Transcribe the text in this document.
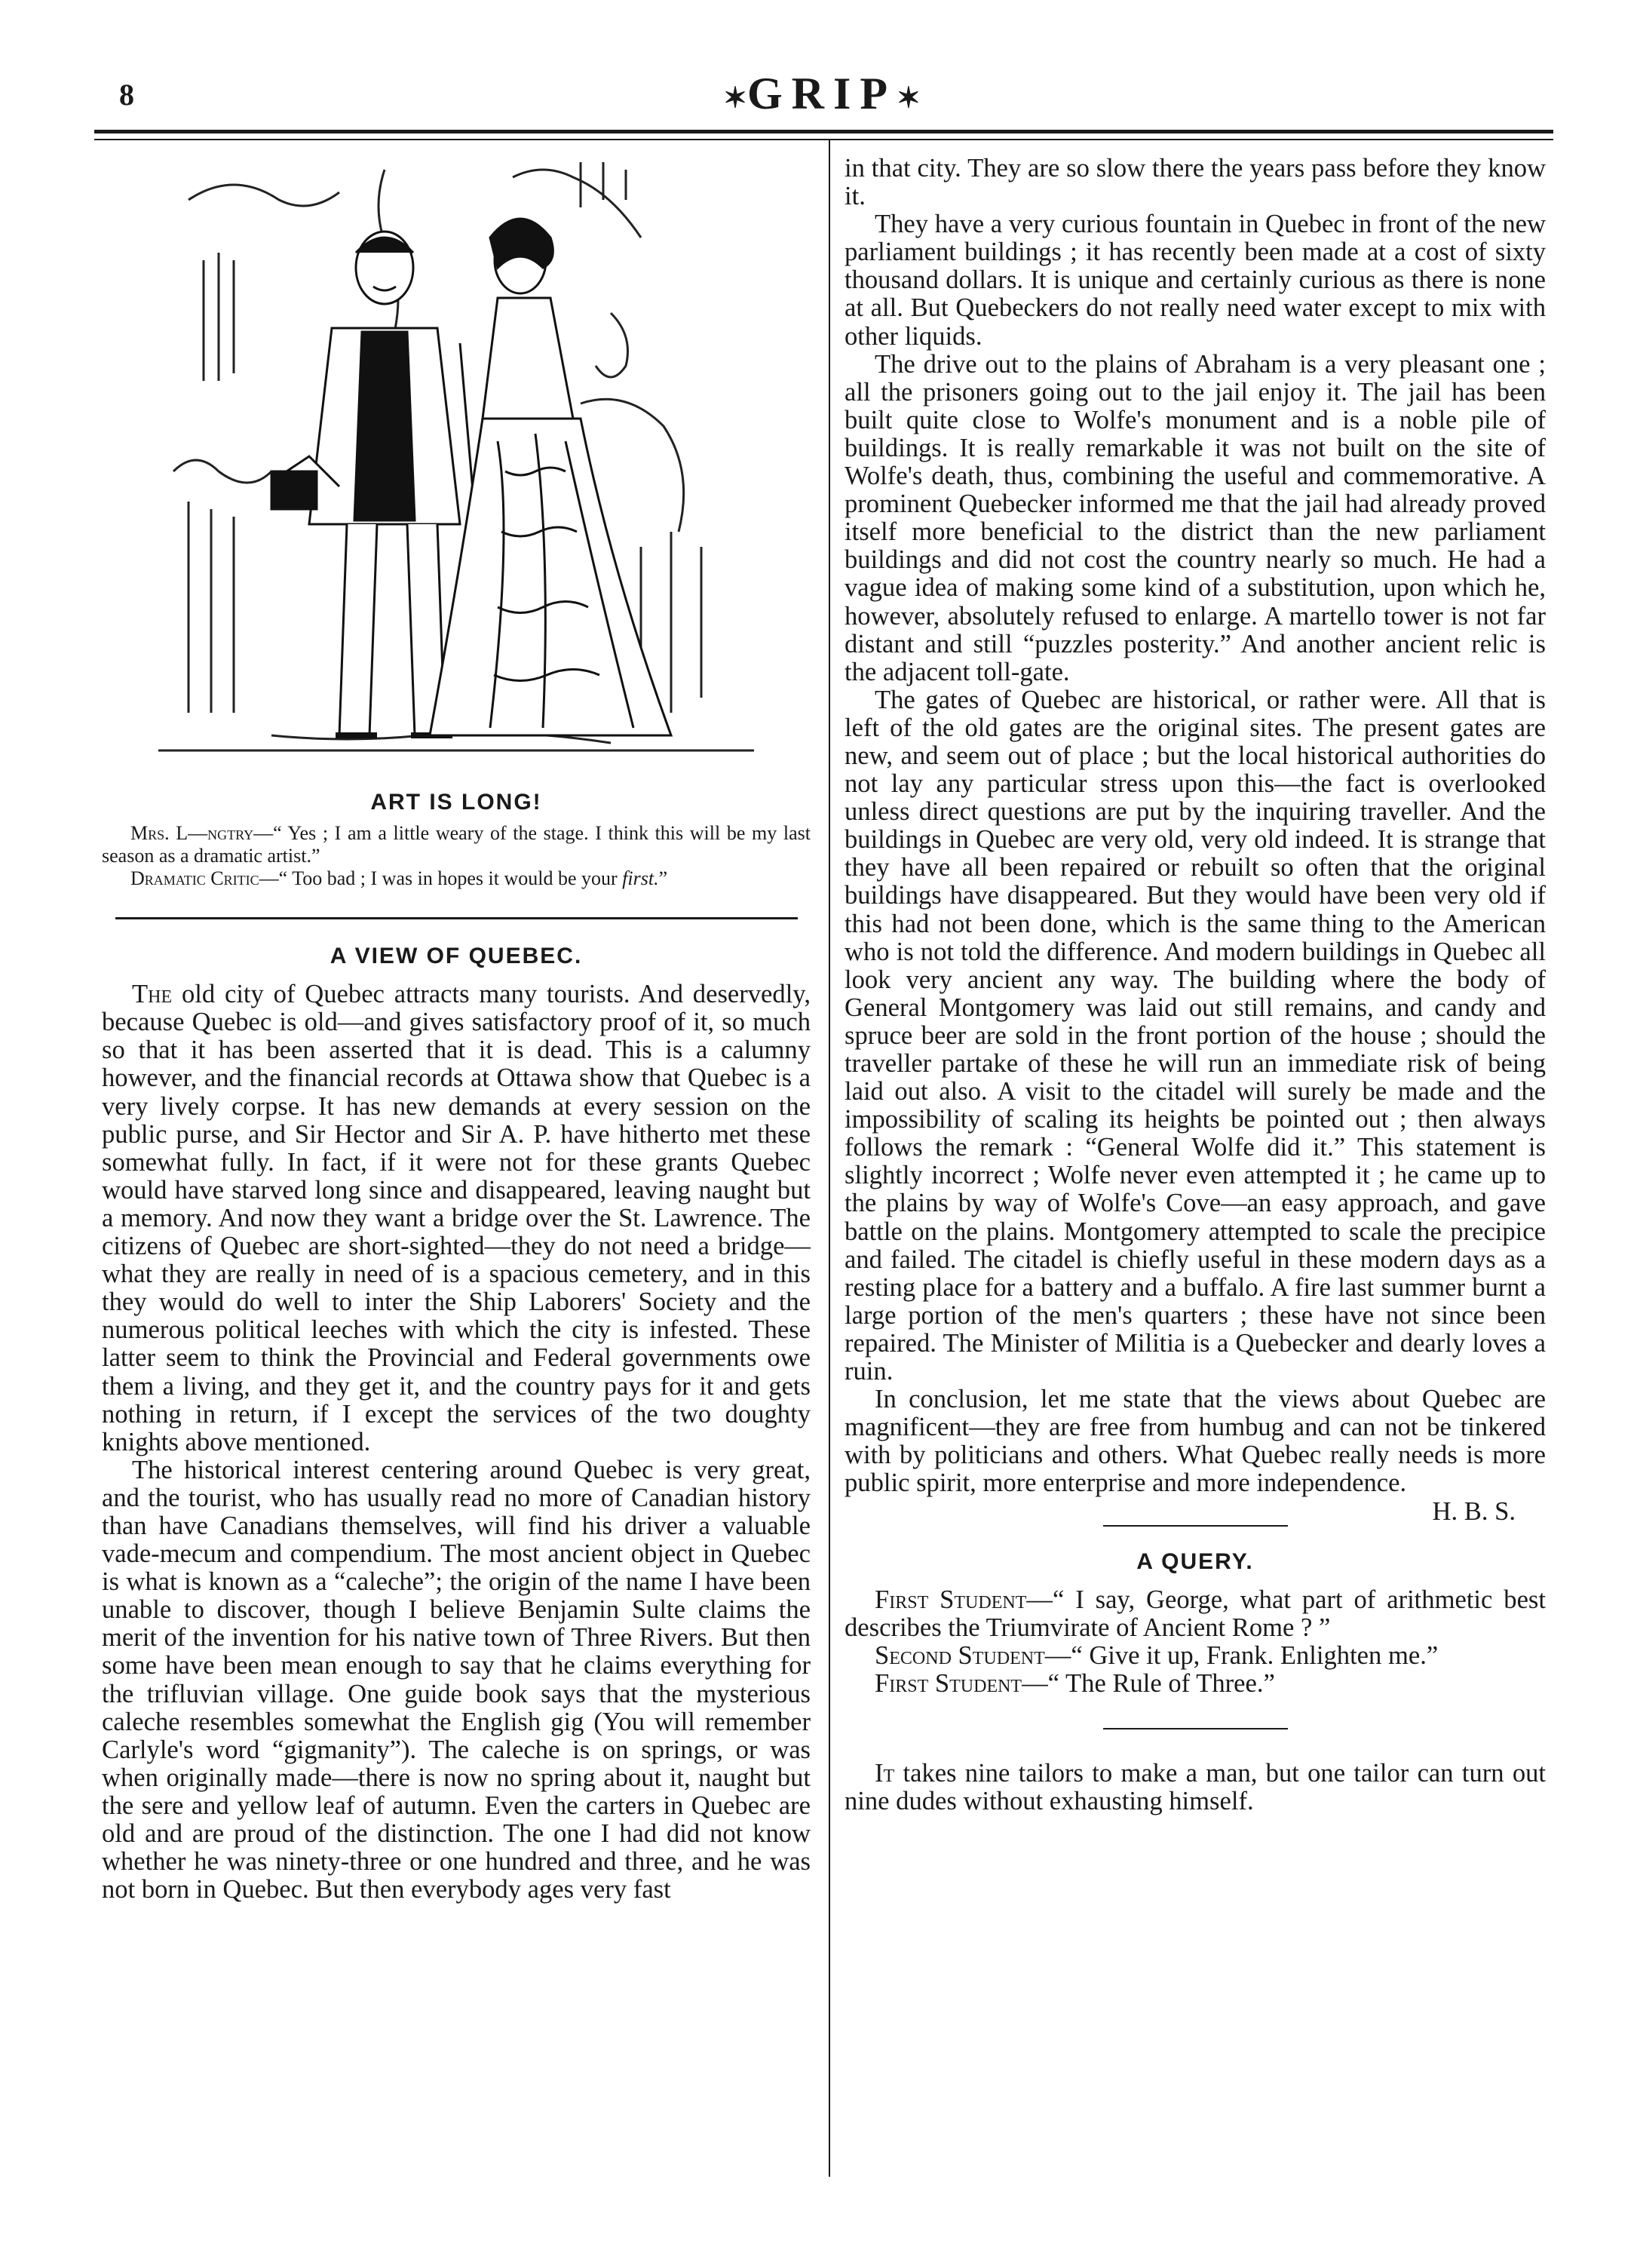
8	✶GRIP✶
ART IS LONG!

Mrs. L—ngtry—“ Yes ; I am a little weary of the stage. I think this will be my last season as a dramatic artist.”

Dramatic Critic—“ Too bad ; I was in hopes it would be your first.”

A VIEW OF QUEBEC.

The old city of Quebec attracts many tourists. And deservedly, because Quebec is old—and gives satisfactory proof of it, so much so that it has been asserted that it is dead. This is a calumny however, and the financial records at Ottawa show that Quebec is a very lively corpse. It has new demands at every session on the public purse, and Sir Hector and Sir A. P. have hitherto met these somewhat fully. In fact, if it were not for these grants Quebec would have starved long since and disappeared, leaving naught but a memory. And now they want a bridge over the St. Lawrence. The citizens of Quebec are short-sighted—they do not need a bridge—what they are really in need of is a spacious cemetery, and in this they would do well to inter the Ship Laborers' Society and the numerous political leeches with which the city is infested. These latter seem to think the Provincial and Federal governments owe them a living, and they get it, and the country pays for it and gets nothing in return, if I except the services of the two doughty knights above mentioned.

The historical interest centering around Quebec is very great, and the tourist, who has usually read no more of Canadian history than have Canadians themselves, will find his driver a valuable vade-mecum and compendium. The most ancient object in Quebec is what is known as a “caleche”; the origin of the name I have been unable to discover, though I believe Benjamin Sulte claims the merit of the invention for his native town of Three Rivers. But then some have been mean enough to say that he claims everything for the trifluvian village. One guide book says that the mysterious caleche resembles somewhat the English gig (You will remember Carlyle's word “gigmanity”). The caleche is on springs, or was when originally made—there is now no spring about it, naught but the sere and yellow leaf of autumn. Even the carters in Quebec are old and are proud of the distinction. The one I had did not know whether he was ninety-three or one hundred and three, and he was not born in Quebec. But then everybody ages very fast

in that city. They are so slow there the years pass before they know it.

They have a very curious fountain in Quebec in front of the new parliament buildings ; it has recently been made at a cost of sixty thousand dollars. It is unique and certainly curious as there is none at all. But Quebeckers do not really need water except to mix with other liquids.

The drive out to the plains of Abraham is a very pleasant one ; all the prisoners going out to the jail enjoy it. The jail has been built quite close to Wolfe's monument and is a noble pile of buildings. It is really remarkable it was not built on the site of Wolfe's death, thus, combining the useful and commemorative. A prominent Quebecker informed me that the jail had already proved itself more beneficial to the district than the new parliament buildings and did not cost the country nearly so much. He had a vague idea of making some kind of a substitution, upon which he, however, absolutely refused to enlarge. A martello tower is not far distant and still “puzzles posterity.” And another ancient relic is the adjacent toll-gate.

The gates of Quebec are historical, or rather were. All that is left of the old gates are the original sites. The present gates are new, and seem out of place ; but the local historical authorities do not lay any particular stress upon this—the fact is overlooked unless direct questions are put by the inquiring traveller. And the buildings in Quebec are very old, very old indeed. It is strange that they have all been repaired or rebuilt so often that the original buildings have disappeared. But they would have been very old if this had not been done, which is the same thing to the American who is not told the difference. And modern buildings in Quebec all look very ancient any way. The building where the body of General Montgomery was laid out still remains, and candy and spruce beer are sold in the front portion of the house ; should the traveller partake of these he will run an immediate risk of being laid out also. A visit to the citadel will surely be made and the impossibility of scaling its heights be pointed out ; then always follows the remark : “General Wolfe did it.” This statement is slightly incorrect ; Wolfe never even attempted it ; he came up to the plains by way of Wolfe's Cove—an easy approach, and gave battle on the plains. Montgomery attempted to scale the precipice and failed. The citadel is chiefly useful in these modern days as a resting place for a battery and a buffalo. A fire last summer burnt a large portion of the men's quarters ; these have not since been repaired. The Minister of Militia is a Quebecker and dearly loves a ruin.

In conclusion, let me state that the views about Quebec are magnificent—they are free from humbug and can not be tinkered with by politicians and others. What Quebec really needs is more public spirit, more enterprise and more independence.
H. B. S.

A QUERY.

First Student—“ I say, George, what part of arithmetic best describes the Triumvirate of Ancient Rome ? ”

Second Student—“ Give it up, Frank. Enlighten me.”

First Student—“ The Rule of Three.”

It takes nine tailors to make a man, but one tailor can turn out nine dudes without exhausting himself.
